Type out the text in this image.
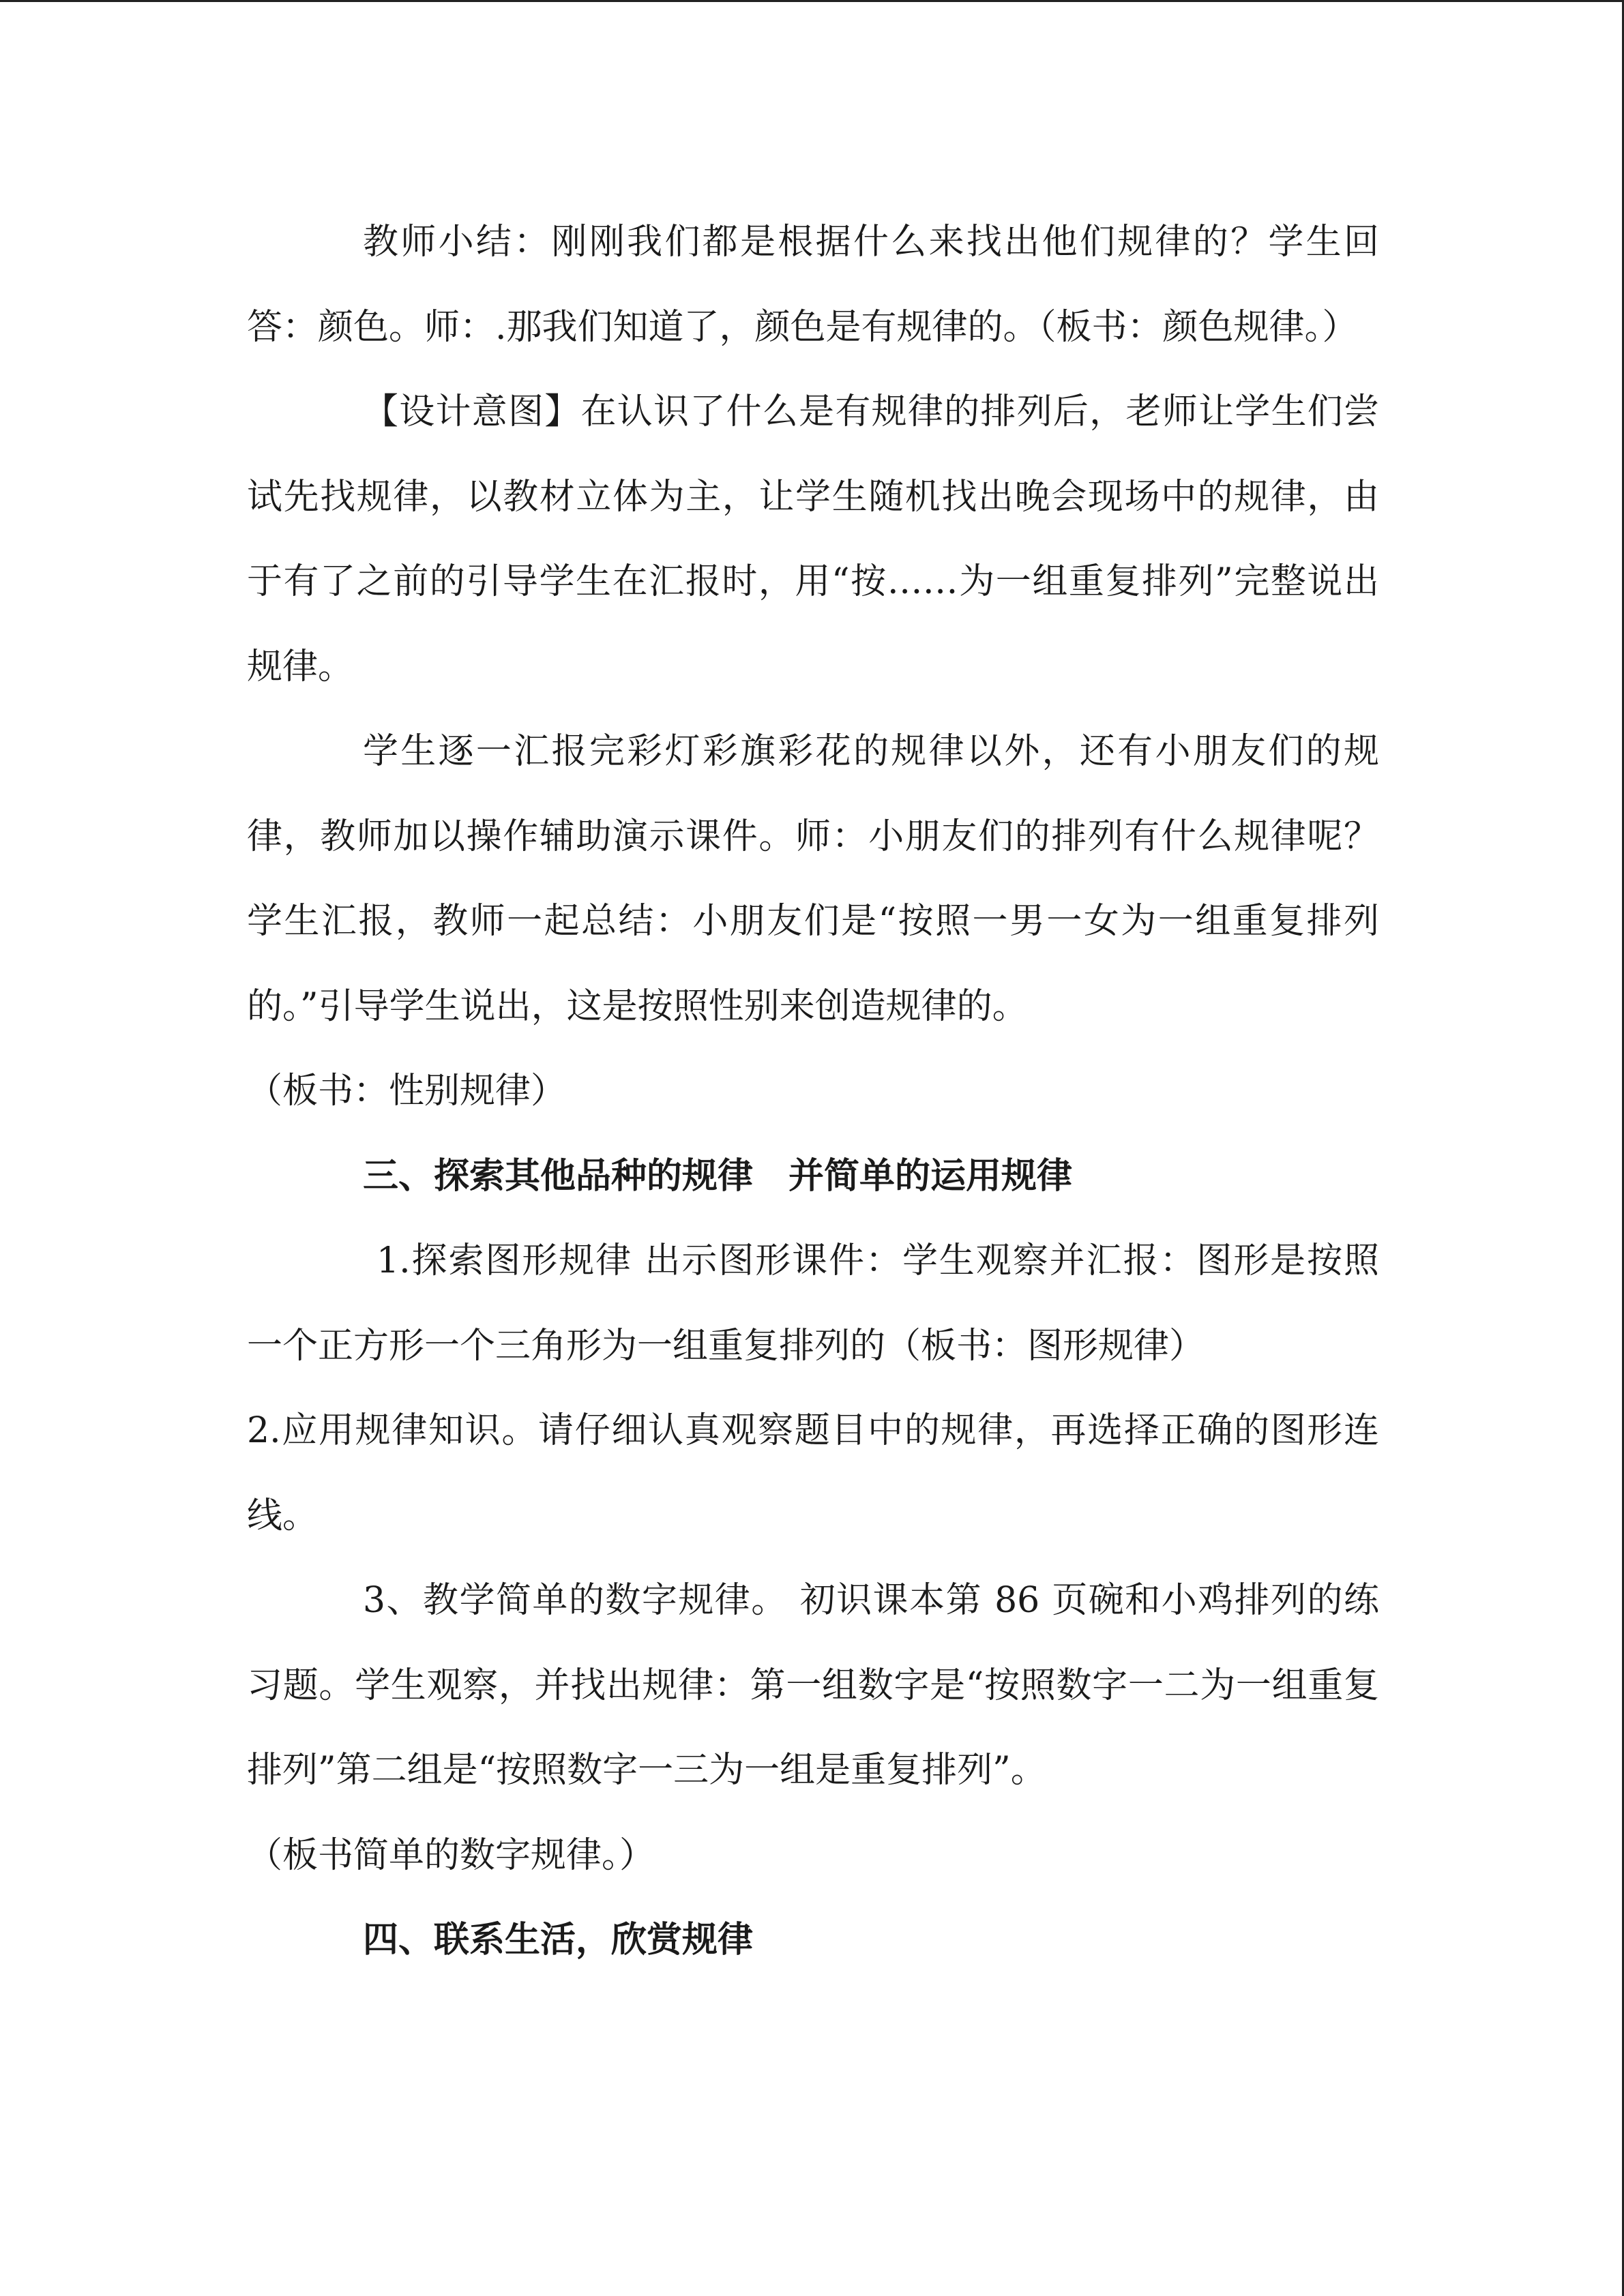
教师小结：刚刚我们都是根据什么来找出他们规律的？学生回答：颜色。师：.那我们知道了，颜色是有规律的。（板书：颜色规律。）

【设计意图】在认识了什么是有规律的排列后，老师让学生们尝试先找规律，以教材立体为主，让学生随机找出晚会现场中的规律，由于有了之前的引导学生在汇报时，用“按……为一组重复排列”完整说出规律。

学生逐一汇报完彩灯彩旗彩花的规律以外，还有小朋友们的规律，教师加以操作辅助演示课件。师：小朋友们的排列有什么规律呢？学生汇报，教师一起总结：小朋友们是“按照一男一女为一组重复排列的。”引导学生说出，这是按照性别来创造规律的。

（板书：性别规律）

三、探索其他品种的规律　并简单的运用规律

1.探索图形规律 出示图形课件：学生观察并汇报：图形是按照一个正方形一个三角形为一组重复排列的（板书：图形规律）

2.应用规律知识。请仔细认真观察题目中的规律，再选择正确的图形连线。

3、教学简单的数字规律。 初识课本第 86 页碗和小鸡排列的练习题。学生观察，并找出规律：第一组数字是“按照数字一二为一组重复排列”第二组是“按照数字一三为一组是重复排列”。

（板书简单的数字规律。）

四、联系生活，欣赏规律
